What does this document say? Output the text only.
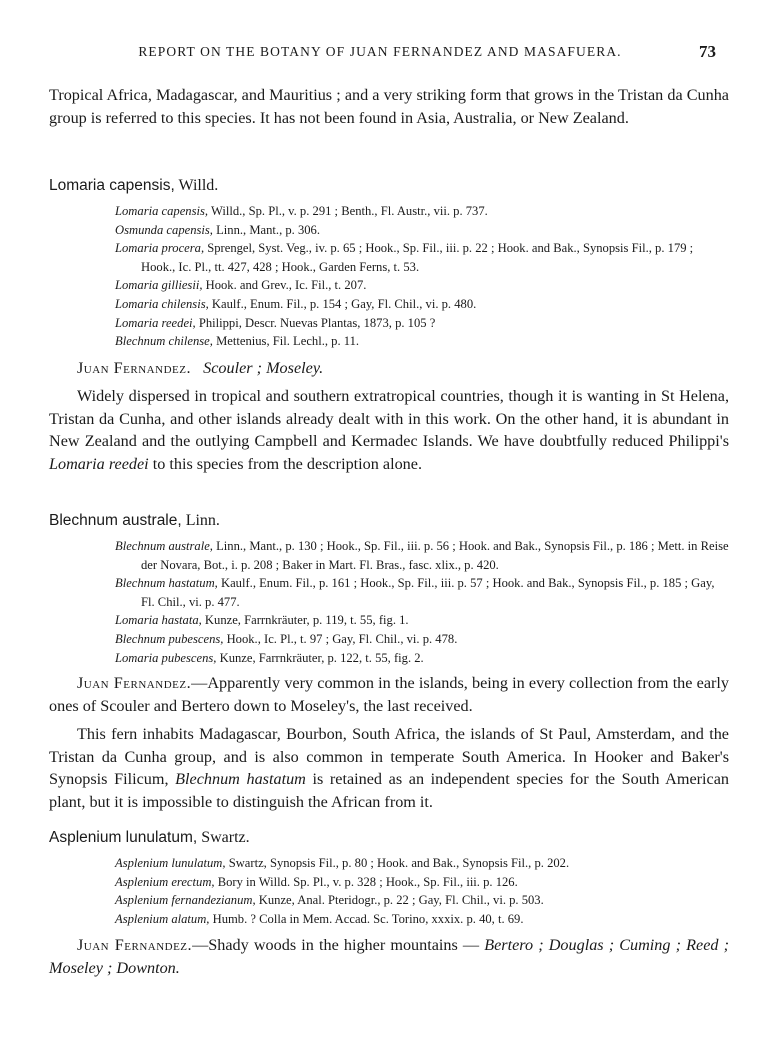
REPORT ON THE BOTANY OF JUAN FERNANDEZ AND MASAFUERA.	73

Tropical Africa, Madagascar, and Mauritius ; and a very striking form that grows in the Tristan da Cunha group is referred to this species. It has not been found in Asia, Australia, or New Zealand.

Lomaria capensis, Willd.

Lomaria capensis, Willd., Sp. Pl., v. p. 291 ; Benth., Fl. Austr., vii. p. 737.
Osmunda capensis, Linn., Mant., p. 306.
Lomaria procera, Sprengel, Syst. Veg., iv. p. 65 ; Hook., Sp. Fil., iii. p. 22 ; Hook. and Bak., Synopsis Fil., p. 179 ; Hook., Ic. Pl., tt. 427, 428 ; Hook., Garden Ferns, t. 53.
Lomaria gilliesii, Hook. and Grev., Ic. Fil., t. 207.
Lomaria chilensis, Kaulf., Enum. Fil., p. 154 ; Gay, Fl. Chil., vi. p. 480.
Lomaria reedei, Philippi, Descr. Nuevas Plantas, 1873, p. 105 ?
Blechnum chilense, Mettenius, Fil. Lechl., p. 11.

Juan Fernandez. Scouler ; Moseley.

Widely dispersed in tropical and southern extratropical countries, though it is wanting in St Helena, Tristan da Cunha, and other islands already dealt with in this work. On the other hand, it is abundant in New Zealand and the outlying Campbell and Kermadec Islands. We have doubtfully reduced Philippi's Lomaria reedei to this species from the description alone.

Blechnum australe, Linn.

Blechnum australe, Linn., Mant., p. 130 ; Hook., Sp. Fil., iii. p. 56 ; Hook. and Bak., Synopsis Fil., p. 186 ; Mett. in Reise der Novara, Bot., i. p. 208 ; Baker in Mart. Fl. Bras., fasc. xlix., p. 420.
Blechnum hastatum, Kaulf., Enum. Fil., p. 161 ; Hook., Sp. Fil., iii. p. 57 ; Hook. and Bak., Synopsis Fil., p. 185 ; Gay, Fl. Chil., vi. p. 477.
Lomaria hastata, Kunze, Farrnkräuter, p. 119, t. 55, fig. 1.
Blechnum pubescens, Hook., Ic. Pl., t. 97 ; Gay, Fl. Chil., vi. p. 478.
Lomaria pubescens, Kunze, Farrnkräuter, p. 122, t. 55, fig. 2.

Juan Fernandez.—Apparently very common in the islands, being in every collection from the early ones of Scouler and Bertero down to Moseley's, the last received.

This fern inhabits Madagascar, Bourbon, South Africa, the islands of St Paul, Amsterdam, and the Tristan da Cunha group, and is also common in temperate South America. In Hooker and Baker's Synopsis Filicum, Blechnum hastatum is retained as an independent species for the South American plant, but it is impossible to distinguish the African from it.

Asplenium lunulatum, Swartz.

Asplenium lunulatum, Swartz, Synopsis Fil., p. 80 ; Hook. and Bak., Synopsis Fil., p. 202.
Asplenium erectum, Bory in Willd. Sp. Pl., v. p. 328 ; Hook., Sp. Fil., iii. p. 126.
Asplenium fernandezianum, Kunze, Anal. Pteridogr., p. 22 ; Gay, Fl. Chil., vi. p. 503.
Asplenium alatum, Humb. ? Colla in Mem. Accad. Sc. Torino, xxxix. p. 40, t. 69.

Juan Fernandez.—Shady woods in the higher mountains — Bertero ; Douglas ; Cuming ; Reed ; Moseley ; Downton.
